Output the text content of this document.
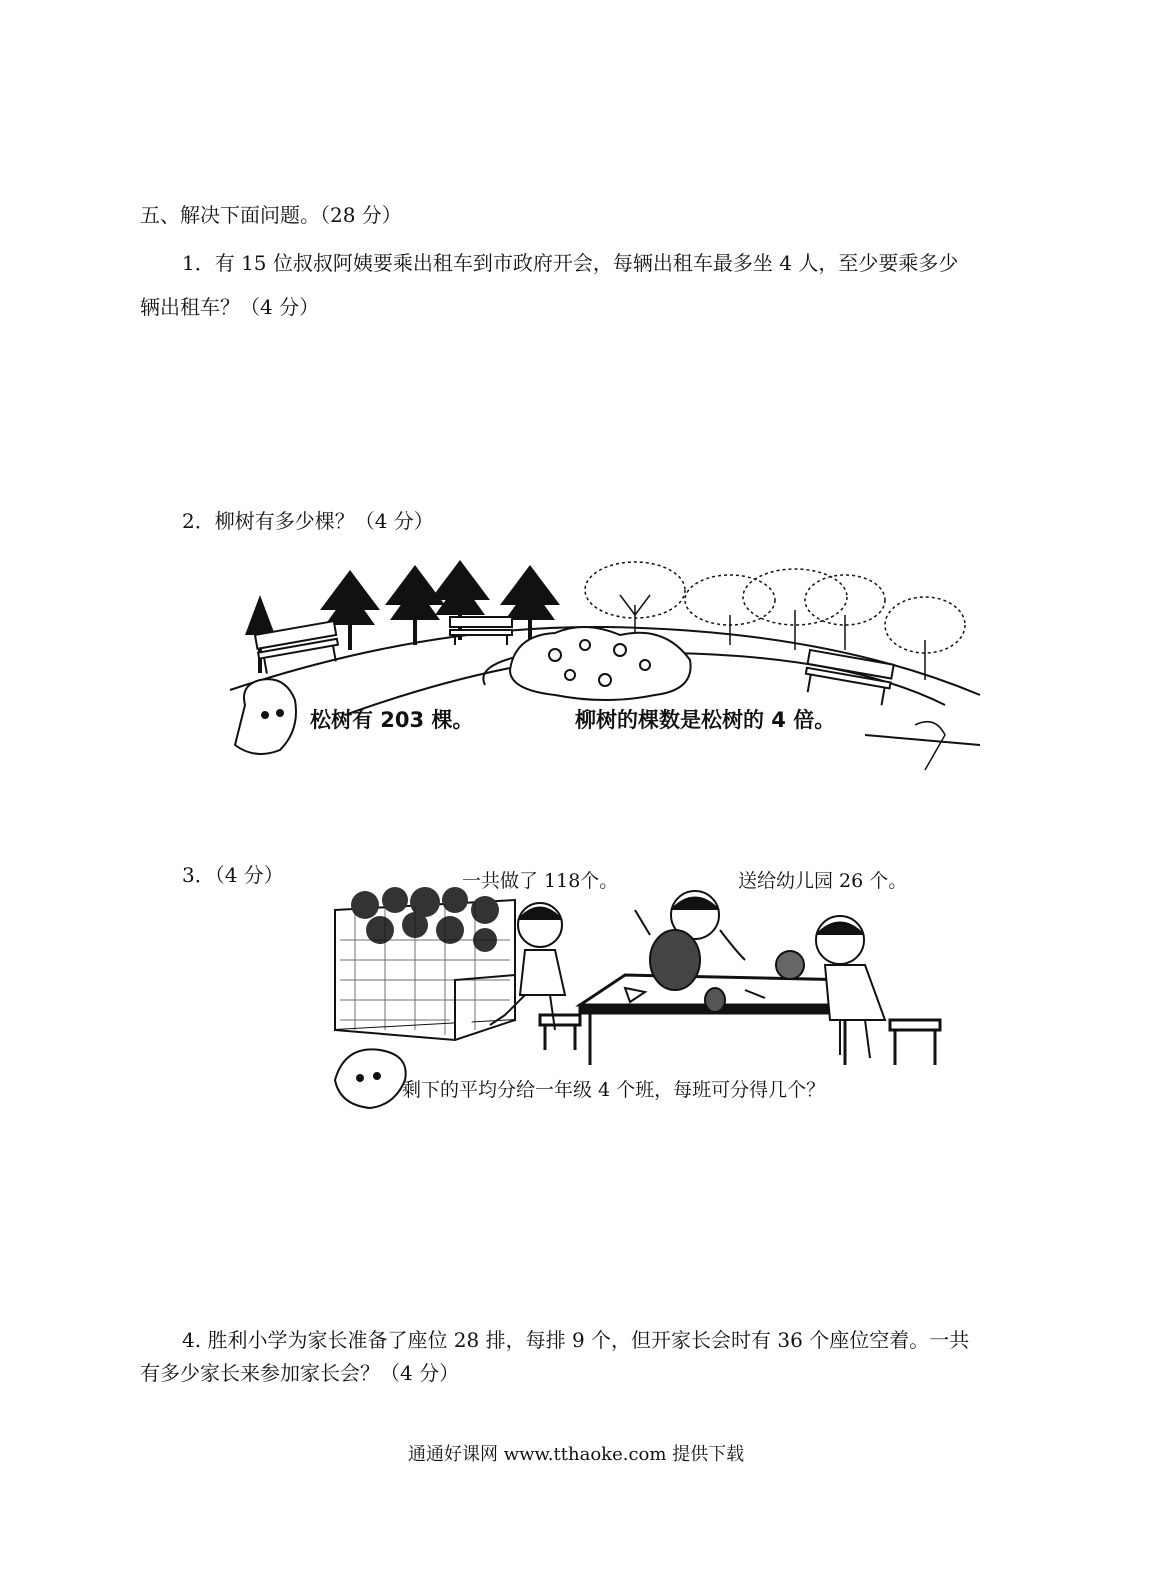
五、解决下面问题。（28 分）
1．有 15 位叔叔阿姨要乘出租车到市政府开会，每辆出租车最多坐 4 人，至少要乘多少
辆出租车？（4 分）
2．柳树有多少棵？（4 分）
松树有 203 棵。	柳树的棵数是松树的 4 倍。
3．（4 分）	一共做了 118个。	送给幼儿园 26 个。
剩下的平均分给一年级 4 个班，每班可分得几个？
4. 胜利小学为家长准备了座位 28 排，每排 9 个，但开家长会时有 36 个座位空着。一共
有多少家长来参加家长会？（4 分）
通通好课网 www.tthaoke.com 提供下载
